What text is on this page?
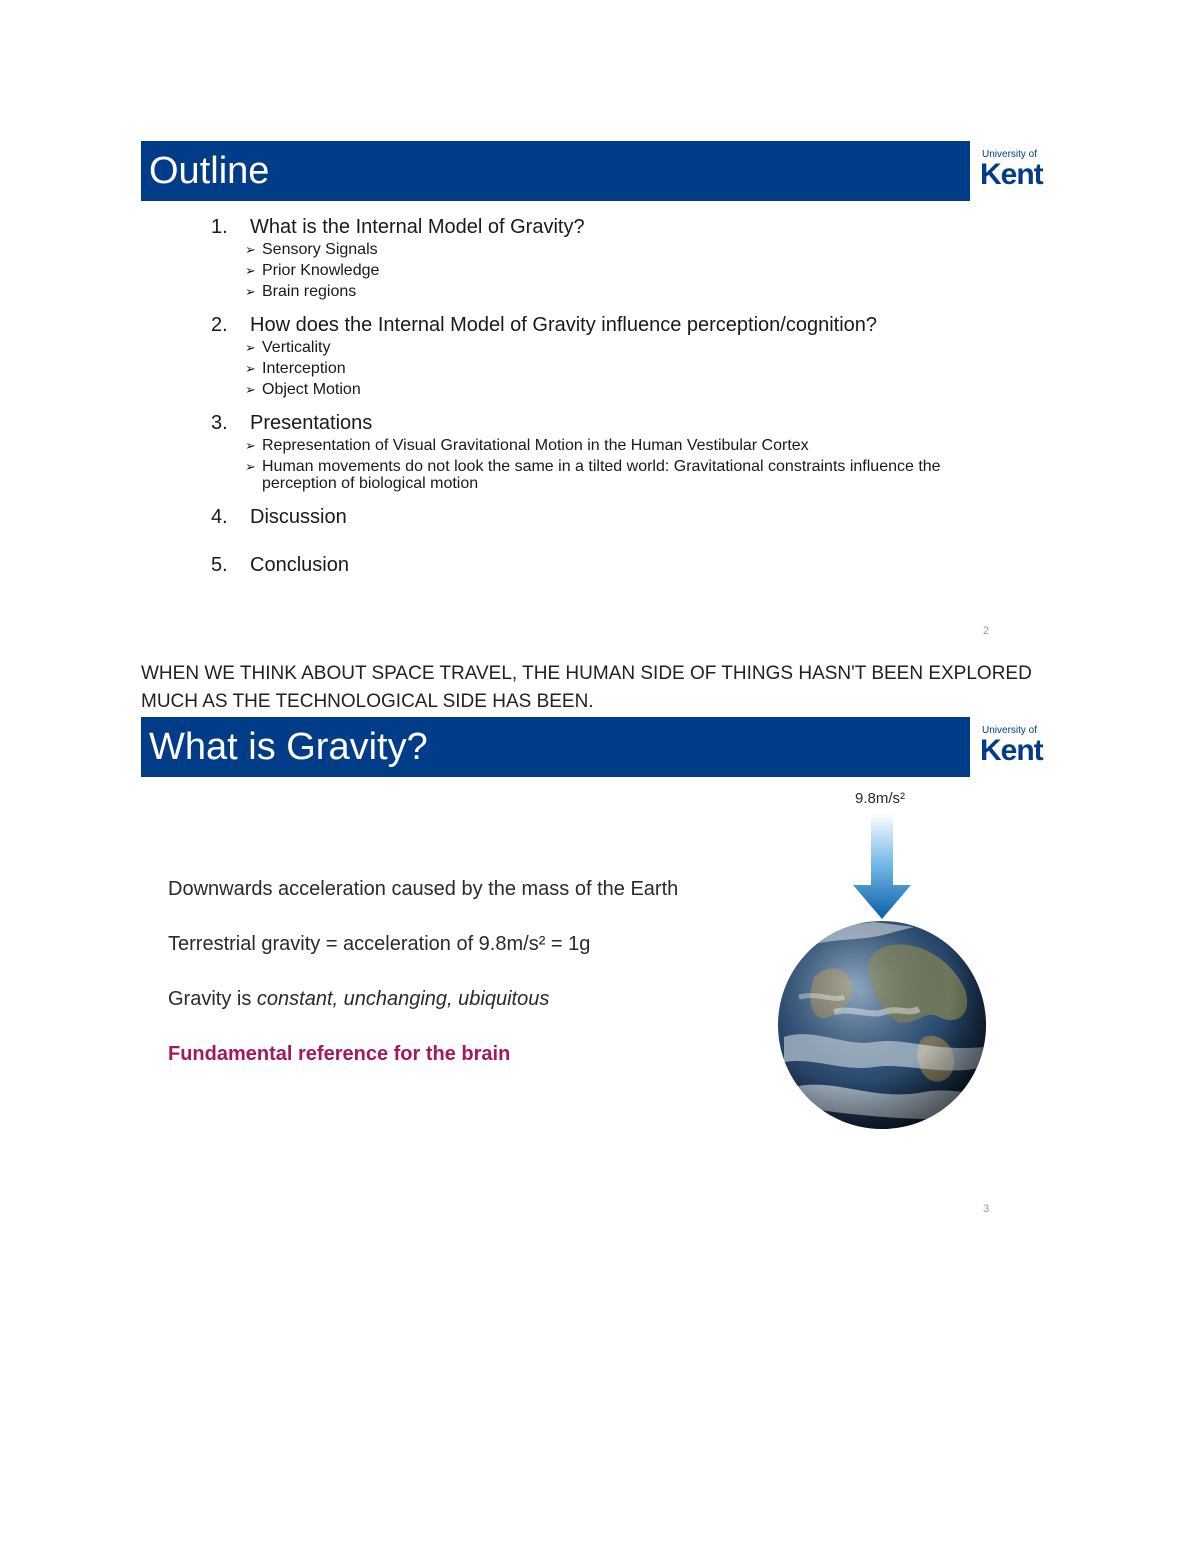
Outline	University of
Kent
1.	What is the Internal Model of Gravity?
➢ Sensory Signals
➢ Prior Knowledge
➢ Brain regions
2.	How does the Internal Model of Gravity influence perception/cognition?
➢ Verticality
➢ Interception
➢ Object Motion
3.	Presentations
➢ Representation of Visual Gravitational Motion in the Human Vestibular Cortex
➢ Human movements do not look the same in a tilted world: Gravitational constraints influence the perception of biological motion
4.	Discussion
5.	Conclusion
2
WHEN WE THINK ABOUT SPACE TRAVEL, THE HUMAN SIDE OF THINGS HASN'T BEEN EXPLORED MUCH AS THE TECHNOLOGICAL SIDE HAS BEEN.
What is Gravity?	University of
Kent
9.8m/s²
Downwards acceleration caused by the mass of the Earth
Terrestrial gravity = acceleration of 9.8m/s² = 1g
Gravity is constant, unchanging, ubiquitous
Fundamental reference for the brain
3
